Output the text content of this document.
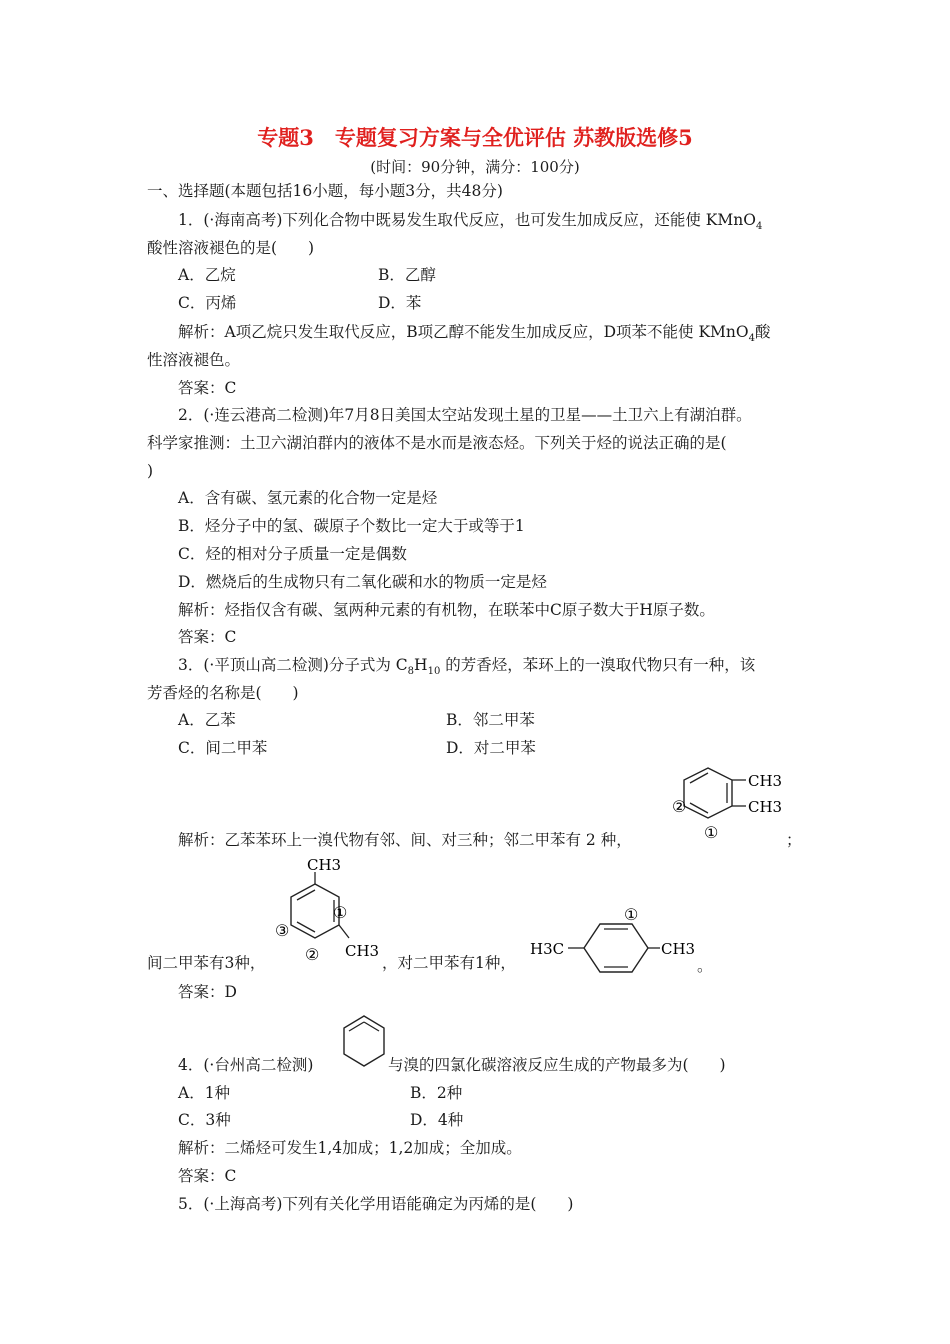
专题3　专题复习方案与全优评估 苏教版选修5
(时间：90分钟，满分：100分)
一、选择题(本题包括16小题，每小题3分，共48分)
1．(·海南高考)下列化合物中既易发生取代反应，也可发生加成反应，还能使 KMnO$_4$
酸性溶液褪色的是(　　)
A．乙烷	B．乙醇
C．丙烯	D．苯
解析：A项乙烷只发生取代反应，B项乙醇不能发生加成反应，D项苯不能使 KMnO$_4$酸
性溶液褪色。
答案：C
2．(·连云港高二检测)年7月8日美国太空站发现土星的卫星——土卫六上有湖泊群。
科学家推测：土卫六湖泊群内的液体不是水而是液态烃。下列关于烃的说法正确的是(
)
A．含有碳、氢元素的化合物一定是烃
B．烃分子中的氢、碳原子个数比一定大于或等于1
C．烃的相对分子质量一定是偶数
D．燃烧后的生成物只有二氧化碳和水的物质一定是烃
解析：烃指仅含有碳、氢两种元素的有机物，在联苯中C原子数大于H原子数。
答案：C
3．(·平顶山高二检测)分子式为 $C_8H_{10}$ 的芳香烃，苯环上的一溴取代物只有一种，该
芳香烃的名称是(　　)
A．乙苯	B．邻二甲苯
C．间二甲苯	D．对二甲苯
CH3
CH3
②
①
解析：乙苯苯环上一溴代物有邻、间、对三种；邻二甲苯有 2 种，	；
CH3
CH3
①
③
②
间二甲苯有3种，	，对二甲苯有1种，
H3C	CH3
①
。
答案：D
4．(·台州高二检测)	与溴的四氯化碳溶液反应生成的产物最多为(　　)
A．1种	B．2种
C．3种	D．4种
解析：二烯烃可发生1,4加成；1,2加成；全加成。
答案：C
5．(·上海高考)下列有关化学用语能确定为丙烯的是(　　)
